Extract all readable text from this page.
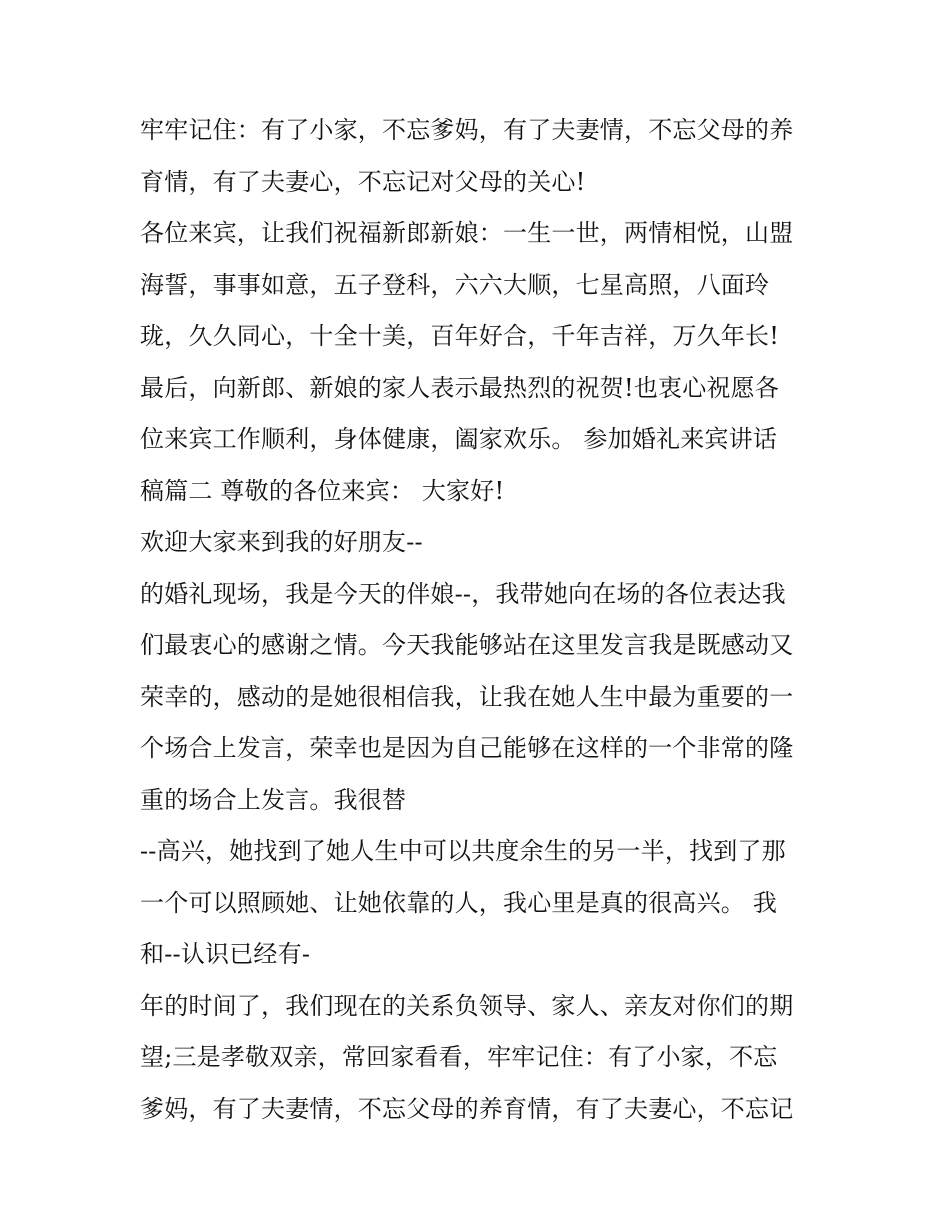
牢牢记住：有了小家，不忘爹妈，有了夫妻情，不忘父母的养
育情，有了夫妻心，不忘记对父母的关心!
各位来宾，让我们祝福新郎新娘：一生一世，两情相悦，山盟
海誓，事事如意，五子登科，六六大顺，七星高照，八面玲
珑，久久同心，十全十美，百年好合，千年吉祥，万久年长!
最后，向新郎、新娘的家人表示最热烈的祝贺!也衷心祝愿各
位来宾工作顺利，身体健康，阖家欢乐。 参加婚礼来宾讲话
稿篇二 尊敬的各位来宾： 大家好!
欢迎大家来到我的好朋友--
的婚礼现场，我是今天的伴娘--，我带她向在场的各位表达我
们最衷心的感谢之情。今天我能够站在这里发言我是既感动又
荣幸的，感动的是她很相信我，让我在她人生中最为重要的一
个场合上发言，荣幸也是因为自己能够在这样的一个非常的隆
重的场合上发言。我很替
--高兴，她找到了她人生中可以共度余生的另一半，找到了那
一个可以照顾她、让她依靠的人，我心里是真的很高兴。 我
和--认识已经有-
年的时间了，我们现在的关系负领导、家人、亲友对你们的期
望;三是孝敬双亲，常回家看看，牢牢记住：有了小家，不忘
爹妈，有了夫妻情，不忘父母的养育情，有了夫妻心，不忘记
